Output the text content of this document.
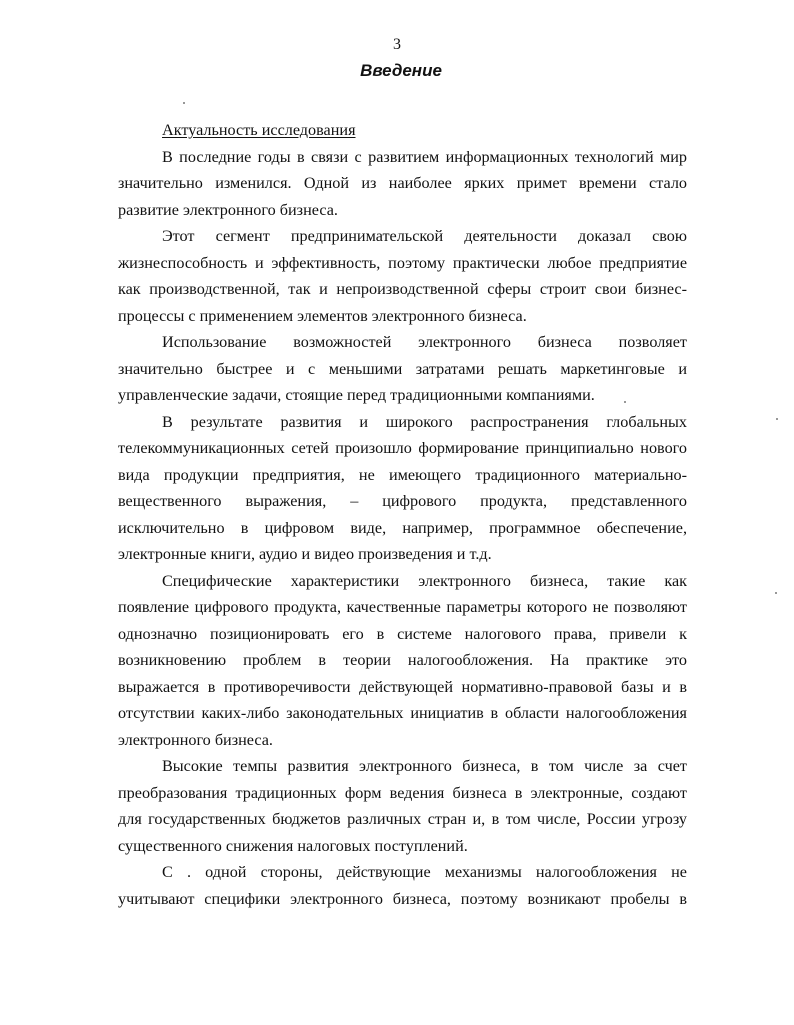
3
Введение

Актуальность исследования

В последние годы в связи с развитием информационных технологий мир
значительно изменился. Одной из наиболее ярких примет времени стало
развитие электронного бизнеса.
Этот сегмент предпринимательской деятельности доказал свою
жизнеспособность и эффективность, поэтому практически любое предприятие
как производственной, так и непроизводственной сферы строит свои бизнес-
процессы с применением элементов электронного бизнеса.
Использование возможностей электронного бизнеса позволяет
значительно быстрее и с меньшими затратами решать маркетинговые и
управленческие задачи, стоящие перед традиционными компаниями.
В результате развития и широкого распространения глобальных
телекоммуникационных сетей произошло формирование принципиально нового
вида продукции предприятия, не имеющего традиционного материально-
вещественного выражения, – цифрового продукта, представленного
исключительно в цифровом виде, например, программное обеспечение,
электронные книги, аудио и видео произведения и т.д.
Специфические характеристики электронного бизнеса, такие как
появление цифрового продукта, качественные параметры которого не позволяют
однозначно позиционировать его в системе налогового права, привели к
возникновению проблем в теории налогообложения. На практике это
выражается в противоречивости действующей нормативно-правовой базы и в
отсутствии каких-либо законодательных инициатив в области налогообложения
электронного бизнеса.
Высокие темпы развития электронного бизнеса, в том числе за счет
преобразования традиционных форм ведения бизнеса в электронные, создают
для государственных бюджетов различных стран и, в том числе, России угрозу
существенного снижения налоговых поступлений.
С . одной стороны, действующие механизмы налогообложения не
учитывают специфики электронного бизнеса, поэтому возникают пробелы в
